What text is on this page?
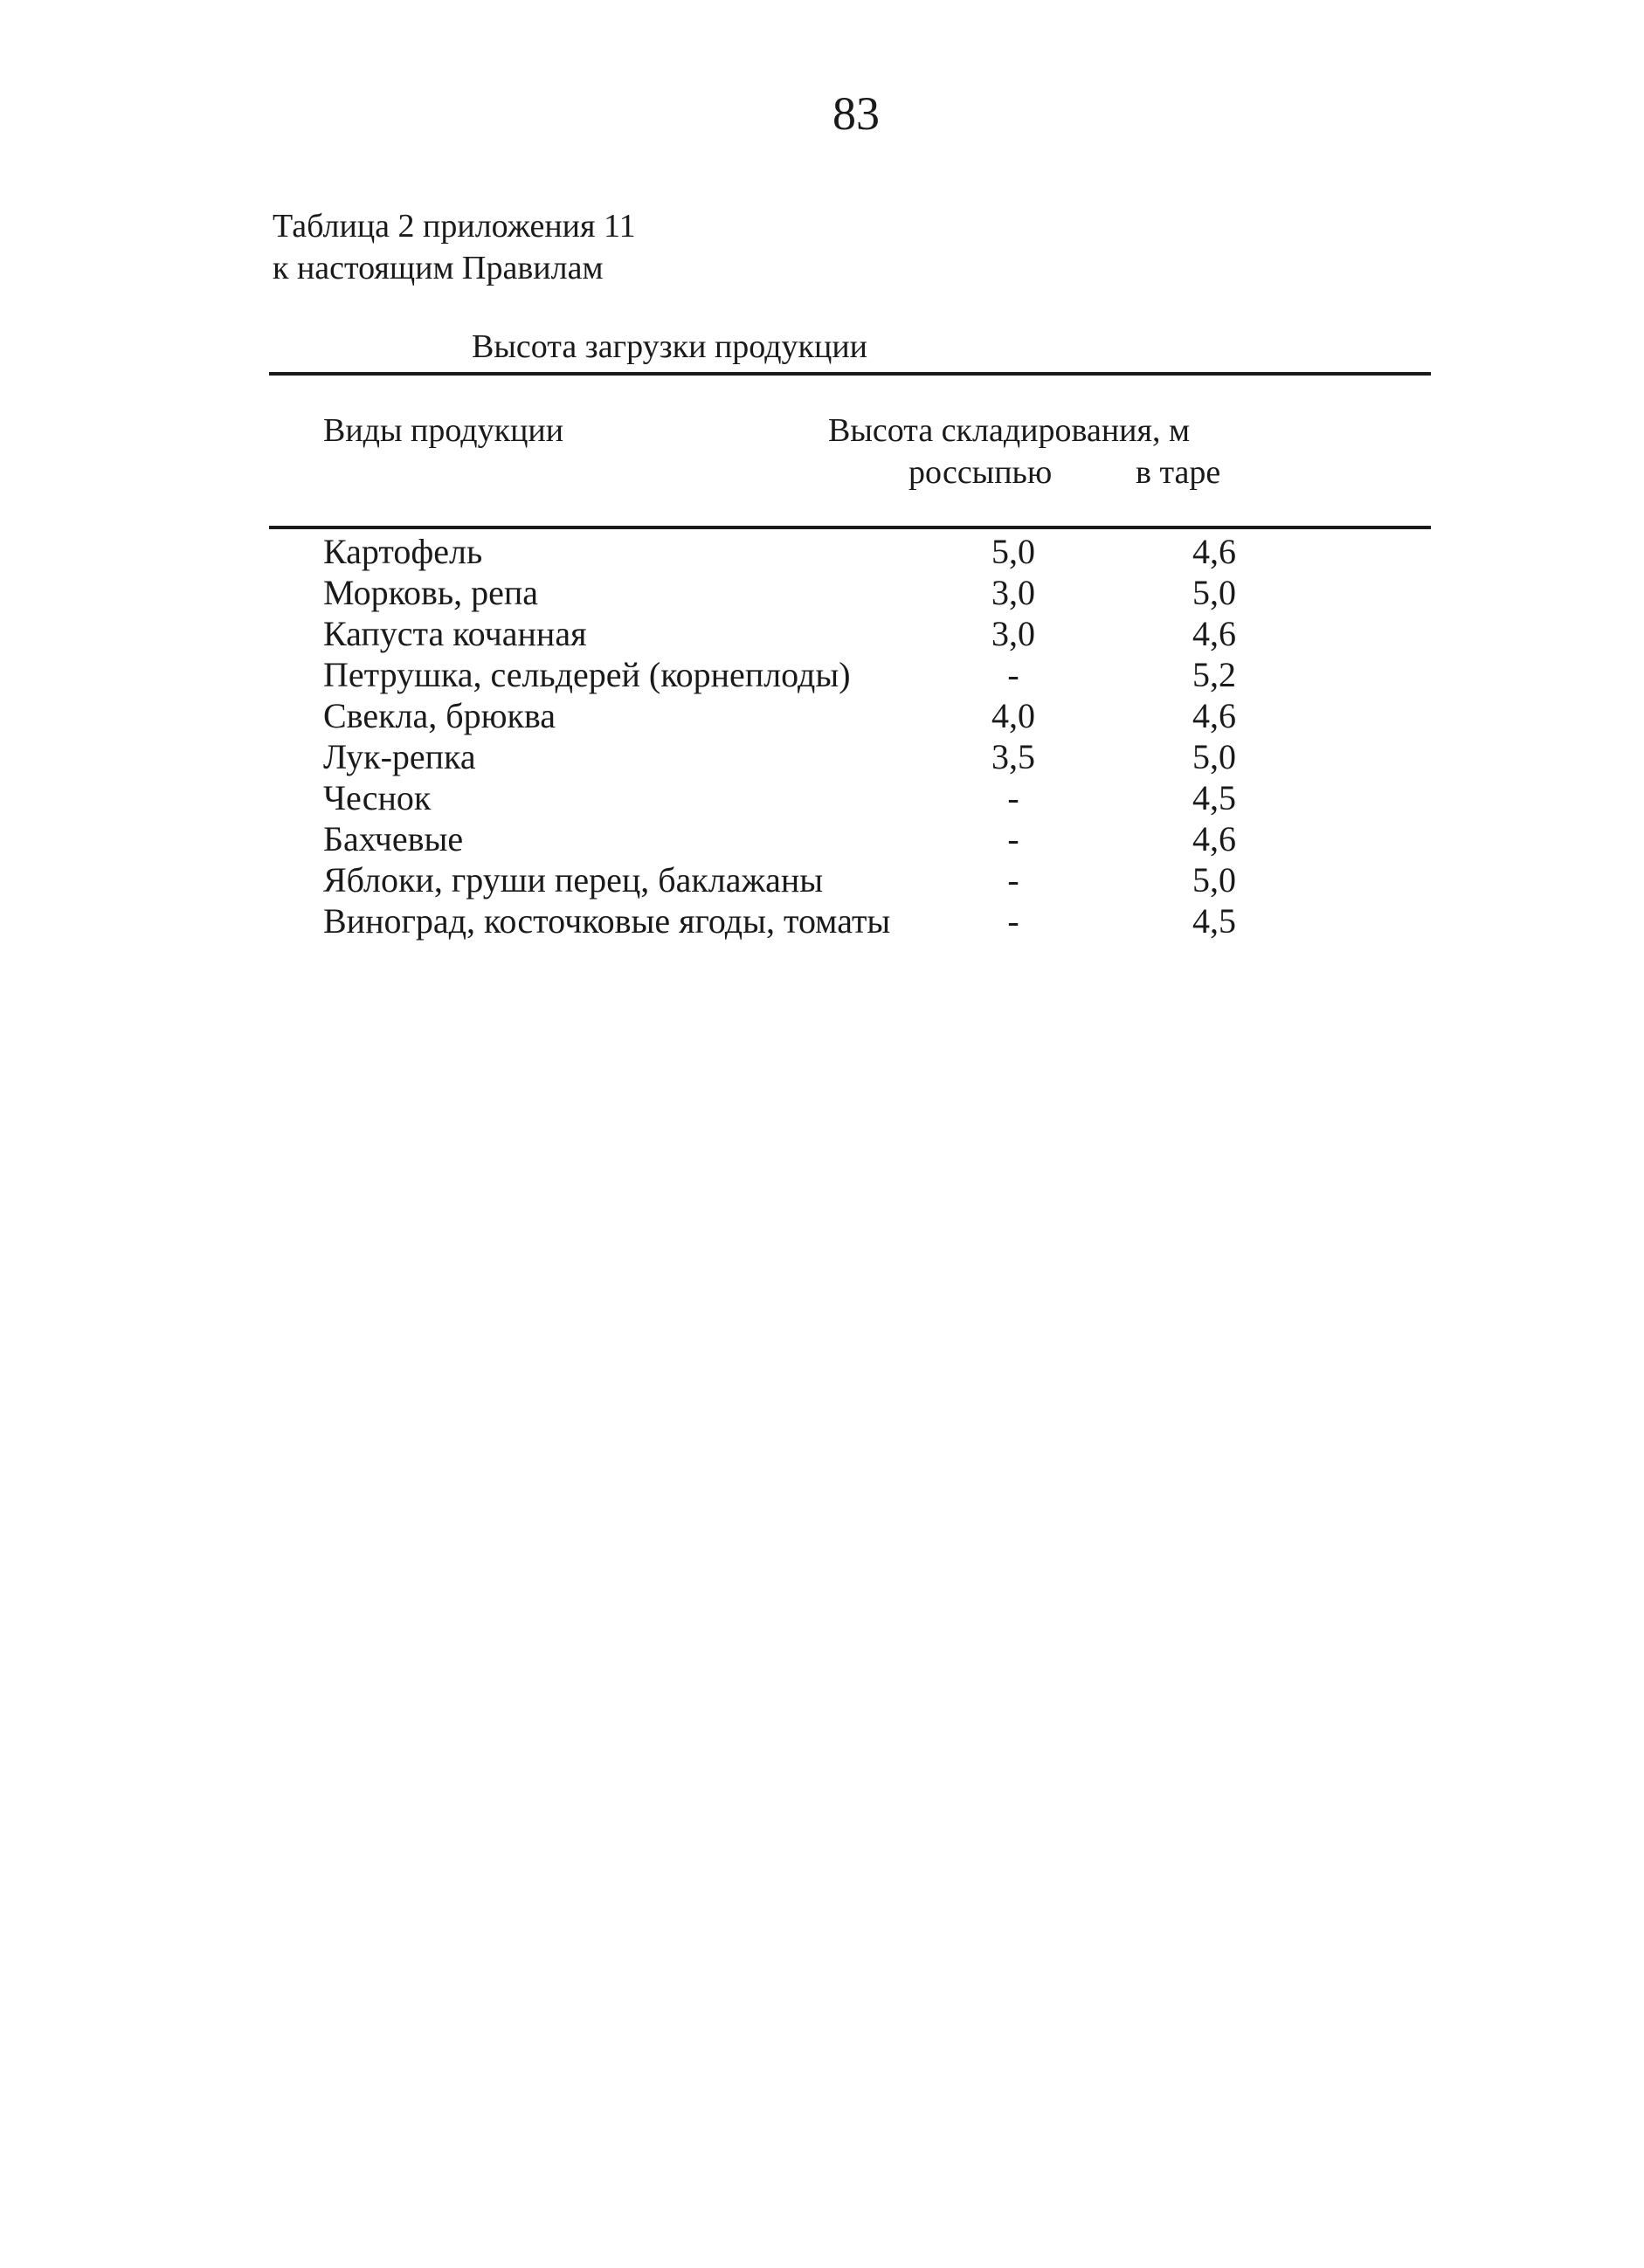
83
Таблица 2 приложения 11
к настоящим Правилам
Высота загрузки продукции
Виды продукции	Высота складирования, м
россыпью	в таре
Картофель	5,0	4,6
Морковь, репа	3,0	5,0
Капуста кочанная	3,0	4,6
Петрушка, сельдерей (корнеплоды)	-	5,2
Свекла, брюква	4,0	4,6
Лук-репка	3,5	5,0
Чеснок	-	4,5
Бахчевые	-	4,6
Яблоки, груши перец, баклажаны	-	5,0
Виноград, косточковые ягоды, томаты	-	4,5
